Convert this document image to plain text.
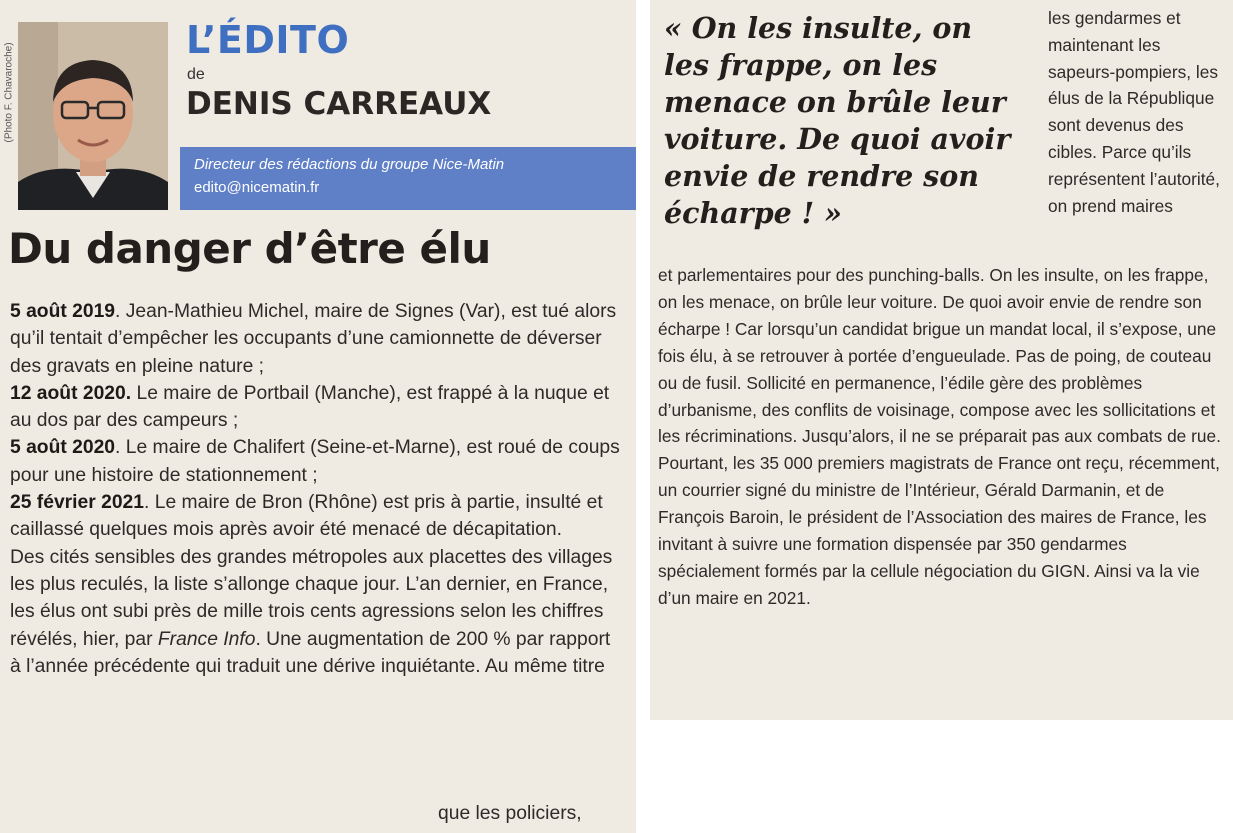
(Photo F. Chavaroche)
L’ÉDITO
de
DENIS CARREAUX
Directeur des rédactions du groupe Nice-Matin
edito@nicematin.fr
Du danger d’être élu

5 août 2019. Jean-Mathieu Michel, maire de Signes (Var), est tué alors qu’il tentait d’empêcher les occupants d’une camionnette de déverser des gravats en pleine nature ;
12 août 2020. Le maire de Portbail (Manche), est frappé à la nuque et au dos par des campeurs ;
5 août 2020. Le maire de Chalifert (Seine-et-Marne), est roué de coups pour une histoire de stationnement ;
25 février 2021. Le maire de Bron (Rhône) est pris à partie, insulté et caillassé quelques mois après avoir été menacé de décapitation.
Des cités sensibles des grandes métropoles aux placettes des villages les plus reculés, la liste s’allonge chaque jour. L’an dernier, en France, les élus ont subi près de mille trois cents agressions selon les chiffres révélés, hier, par France Info. Une augmentation de 200 % par rapport à l’année précédente qui traduit une dérive inquiétante. Au même titre

que les policiers,
« On les insulte, on les frappe, on les menace on brûle leur voiture. De quoi avoir envie de rendre son écharpe ! »

les gendarmes et maintenant les sapeurs-pompiers, les élus de la République sont devenus des cibles. Parce qu’ils représentent l’autorité, on prend maires

et parlementaires pour des punching-balls. On les insulte, on les frappe, on les menace, on brûle leur voiture. De quoi avoir envie de rendre son écharpe ! Car lorsqu’un candidat brigue un mandat local, il s’expose, une fois élu, à se retrouver à portée d’engueulade. Pas de poing, de couteau ou de fusil. Sollicité en permanence, l’édile gère des problèmes d’urbanisme, des conflits de voisinage, compose avec les sollicitations et les récriminations. Jusqu’alors, il ne se préparait pas aux combats de rue. Pourtant, les 35 000 premiers magistrats de France ont reçu, récemment, un courrier signé du ministre de l’Intérieur, Gérald Darmanin, et de François Baroin, le président de l’Association des maires de France, les invitant à suivre une formation dispensée par 350 gendarmes spécialement formés par la cellule négociation du GIGN. Ainsi va la vie d’un maire en 2021.
